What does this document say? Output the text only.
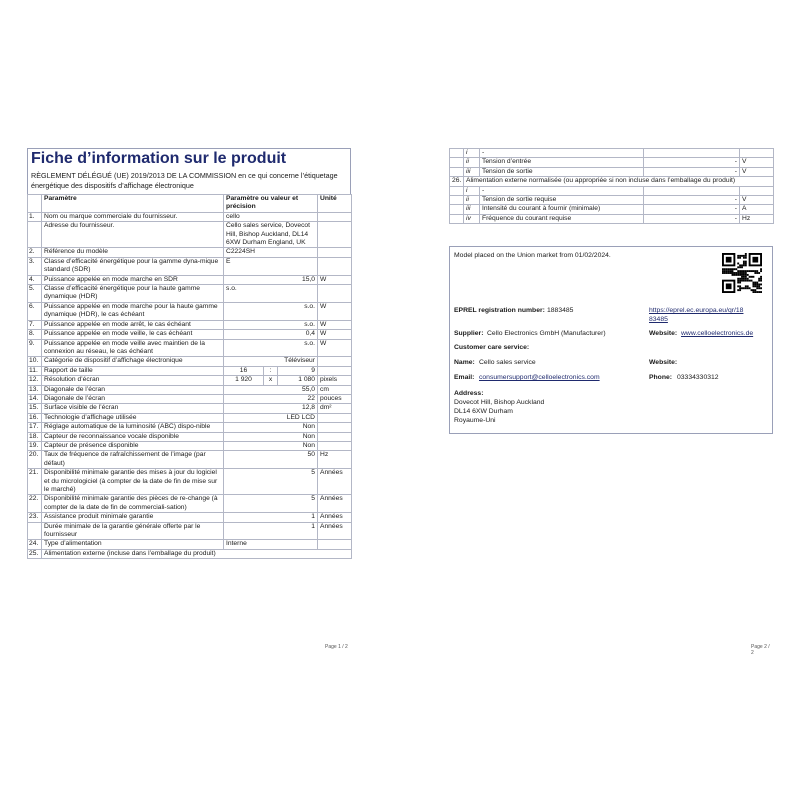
Fiche d’information sur le produit
RÈGLEMENT DÉLÉGUÉ (UE) 2019/2013 DE LA COMMISSION en ce qui concerne l’étiquetage énergétique des dispositifs d’affichage électronique
	Paramètre	Paramètre ou valeur et précision			Unité
1.	Nom ou marque commerciale du fournisseur.	cello			
	Adresse du fournisseur.	Cello sales service, Dovecot Hill, Bishop Auckland, DL14 6XW Durham England, UK			
2.	Référence du modèle	C2224SH			
3.	Classe d’efficacité énergétique pour la gamme dyna-mique standard (SDR)	E			
4.	Puissance appelée en mode marche en SDR	15,0			W
5.	Classe d’efficacité énergétique pour la haute gamme dynamique (HDR)	s.o.			
6.	Puissance appelée en mode marche pour la haute gamme dynamique (HDR), le cas échéant	s.o.			W
7.	Puissance appelée en mode arrêt, le cas échéant	s.o.			W
8.	Puissance appelée en mode veille, le cas échéant	0,4			W
9.	Puissance appelée en mode veille avec maintien de la connexion au réseau, le cas échéant	s.o.			W
10.	Catégorie de dispositif d’affichage électronique	Téléviseur			
11.	Rapport de taille	16	:	9	
12.	Résolution d’écran	1 920	x	1 080	pixels
13.	Diagonale de l’écran	55,0			cm
14.	Diagonale de l’écran	22			pouces
15.	Surface visible de l’écran	12,8			dm²
16.	Technologie d’affichage utilisée	LED LCD			
17.	Réglage automatique de la luminosité (ABC) dispo-nible	Non			
18.	Capteur de reconnaissance vocale disponible	Non			
19.	Capteur de présence disponible	Non			
20.	Taux de fréquence de rafraîchissement de l’image (par défaut)	50			Hz
21.	Disponibilité minimale garantie des mises à jour du logiciel et du micrologiciel (à compter de la date de fin de mise sur le marché)	5			Années
22.	Disponibilité minimale garantie des pièces de re-change (à compter de la date de fin de commerciali-sation)	5			Années
23.	Assistance produit minimale garantie	1			Années
	Durée minimale de la garantie générale offerte par le fournisseur	1			Années
24.	Type d’alimentation	Interne			
25.	Alimentation externe (incluse dans l’emballage du produit)				
Page 1 / 2
	i	-		
	ii	Tension d’entrée	-	V
	iii	Tension de sortie	-	V
26.	Alimentation externe normalisée (ou appropriée si non incluse dans l’emballage du produit)			
	i	-		
	ii	Tension de sortie requise	-	V
	iii	Intensité du courant à fournir (minimale)	-	A
	iv	Fréquence du courant requise	-	Hz
Model placed on the Union market from 01/02/2024.
EPREL registration number: 1883485	https://eprel.ec.europa.eu/qr/18
83485
Supplier: Cello Electronics GmbH (Manufacturer)	Website: www.celloelectronics.de
Customer care service:
Name: Cello sales service	Website:
Email: consumersupport@celloelectronics.com	Phone: 03334330312
Address:
Dovecot Hill, Bishop Auckland
DL14 6XW Durham
Royaume-Uni
Page 2 / 2
